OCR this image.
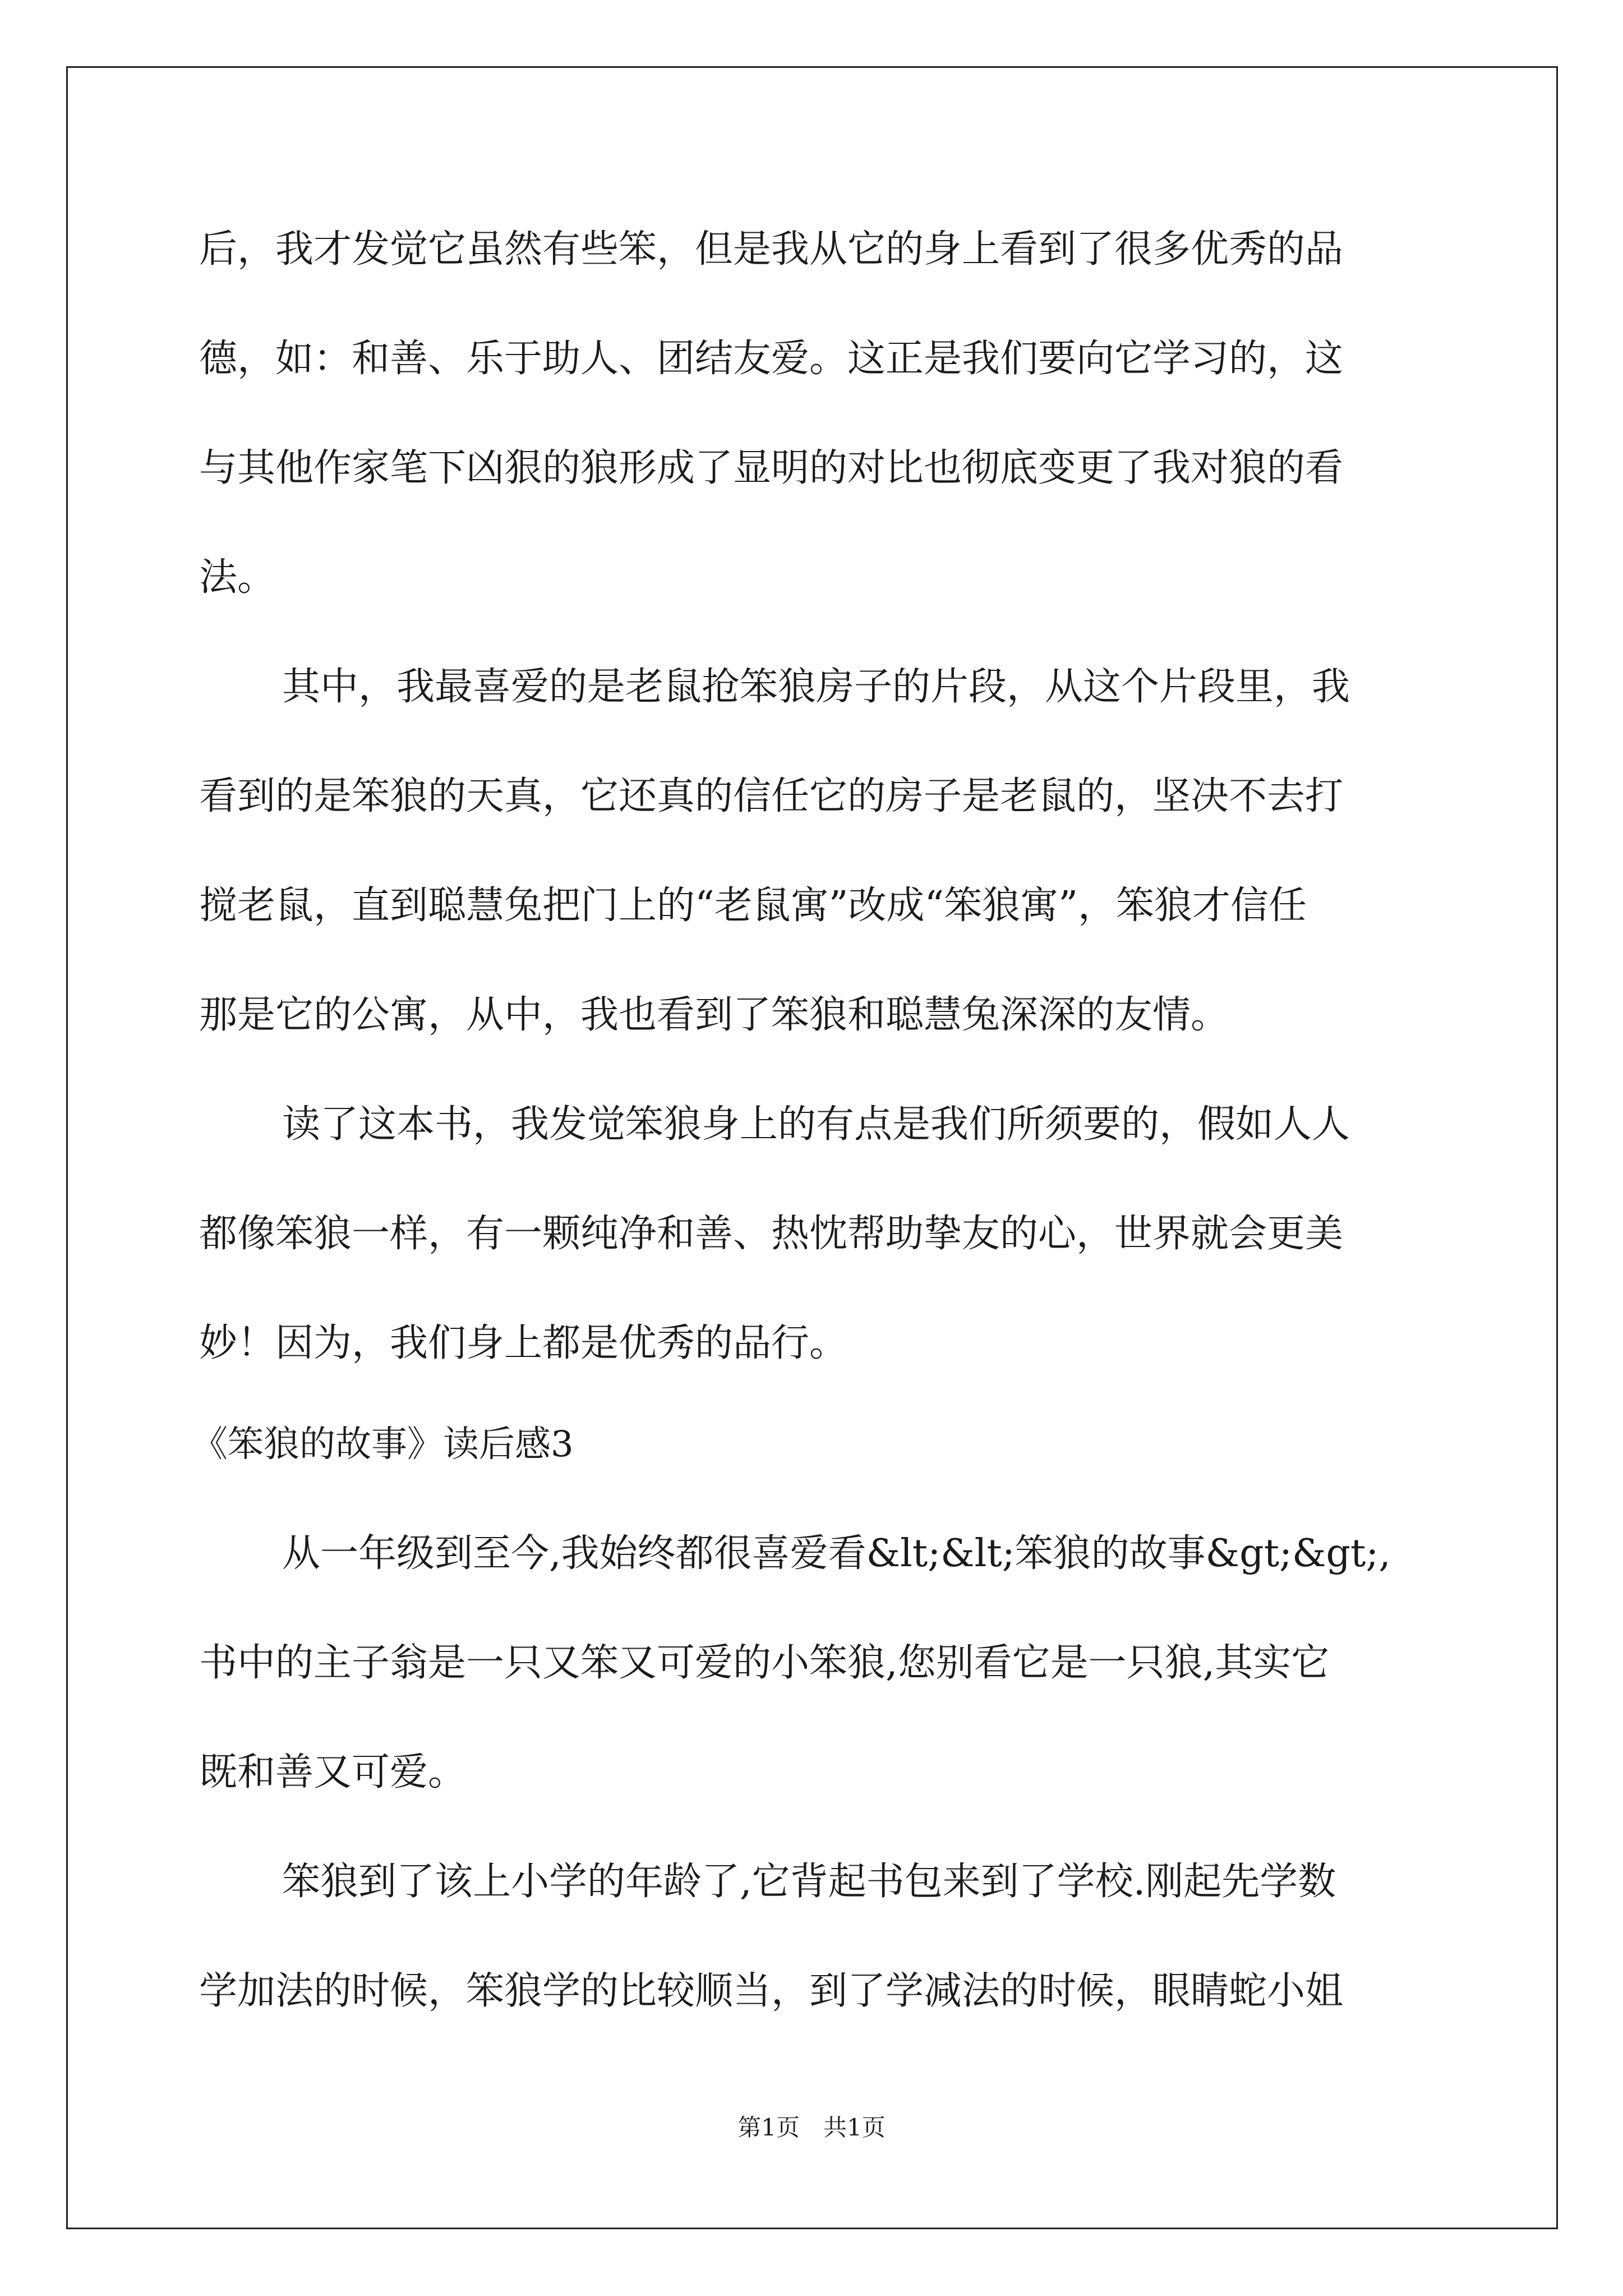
后，我才发觉它虽然有些笨，但是我从它的身上看到了很多优秀的品
德，如：和善、乐于助人、团结友爱。这正是我们要向它学习的，这
与其他作家笔下凶狠的狼形成了显明的对比也彻底变更了我对狼的看
法。
其中，我最喜爱的是老鼠抢笨狼房子的片段，从这个片段里，我
看到的是笨狼的天真，它还真的信任它的房子是老鼠的，坚决不去打
搅老鼠，直到聪慧兔把门上的“老鼠寓”改成“笨狼寓”，笨狼才信任
那是它的公寓，从中，我也看到了笨狼和聪慧兔深深的友情。
读了这本书，我发觉笨狼身上的有点是我们所须要的，假如人人
都像笨狼一样，有一颗纯净和善、热忱帮助挚友的心，世界就会更美
妙！因为，我们身上都是优秀的品行。
《笨狼的故事》读后感3
从一年级到至今,我始终都很喜爱看&lt;&lt;笨狼的故事&gt;&gt;,
书中的主子翁是一只又笨又可爱的小笨狼,您别看它是一只狼,其实它
既和善又可爱。
笨狼到了该上小学的年龄了,它背起书包来到了学校.刚起先学数
学加法的时候，笨狼学的比较顺当，到了学减法的时候，眼睛蛇小姐
第1页　共1页
